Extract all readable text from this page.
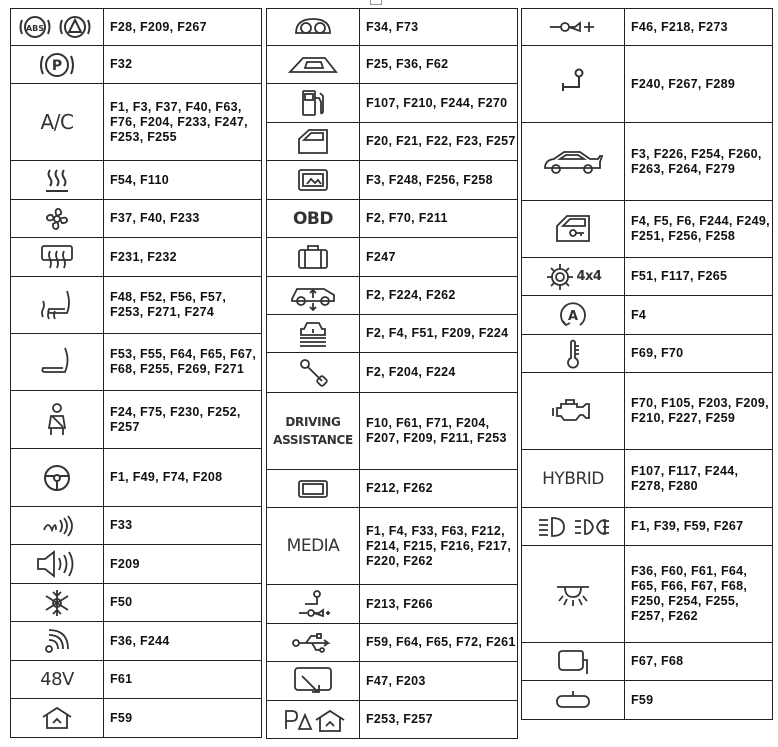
ABS	F28, F209, F267

P	F32
A/C	F1, F3, F37, F40, F63, F76, F204, F233, F247, F253, F255
	F54, F110
	F37, F40, F233
	F231, F232
	F48, F52, F56, F57, F253, F271, F274
	F53, F55, F64, F65, F67, F68, F255, F269, F271
	F24, F75, F230, F252, F257
	F1, F49, F74, F208
	F33
	F209
	F50
	F36, F244
48V	F61
	F59
	F34, F73
	F25, F36, F62
	F107, F210, F244, F270
	F20, F21, F22, F23, F257
	F3, F248, F256, F258
OBD	F2, F70, F211
	F247
	F2, F224, F262
	F2, F4, F51, F209, F224
	F2, F204, F224
DRIVING
ASSISTANCE	F10, F61, F71, F204, F207, F209, F211, F253
	F212, F262
MEDIA	F1, F4, F33, F63, F212, F214, F215, F216, F217, F220, F262
	F213, F266
	F59, F64, F65, F72, F261
	F47, F203
	F253, F257
	F46, F218, F273
	F240, F267, F289
	F3, F226, F254, F260, F263, F264, F279
	F4, F5, F6, F244, F249, F251, F256, F258
4x4	F51, F117, F265

A	F4
	F69, F70
	F70, F105, F203, F209, F210, F227, F259
HYBRID	F107, F117, F244, F278, F280
	F1, F39, F59, F267
	F36, F60, F61, F64, F65, F66, F67, F68, F250, F254, F255, F257, F262
	F67, F68
	F59
